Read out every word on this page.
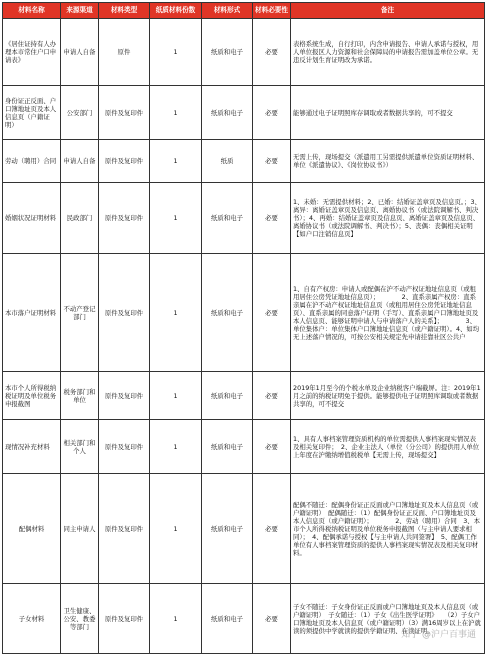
材料名称	来源渠道	材料类型	纸质材料份数	材料形式	材料必要性	备注
《居住证持有人办理本市常住户口申请表》	申请人自备	原件	1	纸质和电子	必要	表格系统生成，自行打印，内含申请报告、申请人承诺与授权，用人单位报区人力资源和社会保障局的申请报告需加盖单位公章。无违反计划生育证明改为承诺。
身份证正反面、户口簿地址页及本人信息页（户籍证明）	公安部门	原件及复印件	1	纸质和电子	必要	能够通过电子证明照库存调取或者数据共享的，可不提交
劳动（聘用）合同	申请人自备	原件及复印件	1	纸质	必要	无需上传，现场提交（派遣用工另需提供派遣单位资质证明材料、单位《派遣协议》、《岗位协议书》）
婚姻状况证明材料	民政部门	原件及复印件	1	纸质和电子	必要	1、未婚：无需提供材料；2、已婚：结婚证盖章页及信息页。；3、离异：离婚证盖章页及信息页、离婚协议书（或法院调解书、判决书）；4、再婚：结婚证盖章页及信息页、离婚证盖章页及信息页、离婚协议书（或法院调解书、判决书）；5、丧偶：丧偶相关证明【如户口注销信息页】
本市落户证明材料	不动产登记部门	原件及复印件	1	纸质和电子	必要	1、自有产权房：申请人或配偶在沪不动产权证地址信息页（或租用居住公房凭证地址信息页）；　　　　2、直系亲属产权房：直系亲属在沪不动产权证地址信息页（或租用居住公房凭证地址信息页）、直系亲属的同意落户证明（手写）、直系亲属户口簿地址页及本人信息页、能够证明申请人与申请落户人的关系】；　　　　3、单位集体户：单位集体户口簿地址信息页（或户籍证明）。4、如均无上述落户情况的，可按公安相关规定先申请挂靠社区公共户
本市个人所得税纳税证明及单位税务申报截图	税务部门和单位	原件及复印件	1	纸质和电子	必要	2019年1月至今的个税水单及企业纳税客户端截屏。注：2019年1月之前的纳税证明免于提供。能够提供电子证明照库调取或者数据共享的，可不提交
现情况补充材料	相关部门和个人	原件及复印件	1	纸质和电子	必要	1、具有人事档案管理资质机构的单位需提供人事档案现实情况表及相关复印件；　2、企业主法人（单位（分公司）的提供用人单位上年度在沪缴纳增值税税单【无需上传，现场提交】
配偶材料	同主申请人	原件及复印件	1	纸质和电子	必要	配偶不随迁：配偶身份证正反面或户口簿地址页及本人信息页（或户籍证明）　配偶随迁：（1）配偶身份证正反面、户口簿地址页及本人信息页（或户籍证明）；　　　　2、劳动（聘用）合同　3、本市个人所得税纳税证明及单位税务申报截图（与主申请人要求相同）；　4、配偶承诺与授权【与主申请人共同签署】　5、配偶工作单位有人事档案管理资质的提供人事档案现实情况表及相关复印材料。
子女材料	卫生健康、公安、教委等部门	原件及复印件	1	纸质和电子	必要	子女不随迁：子女身份证正反面或户口簿地址页及本人信息页（或户籍证明）　子女随迁：（1）子女《出生医学证明》　　（2）子女户口簿地址页及本人信息页（或户籍证明）（3）满16周岁以上在沪就读的须提供中学就读的提供学籍证明、在读证明。
知乎 @沪户百事通
